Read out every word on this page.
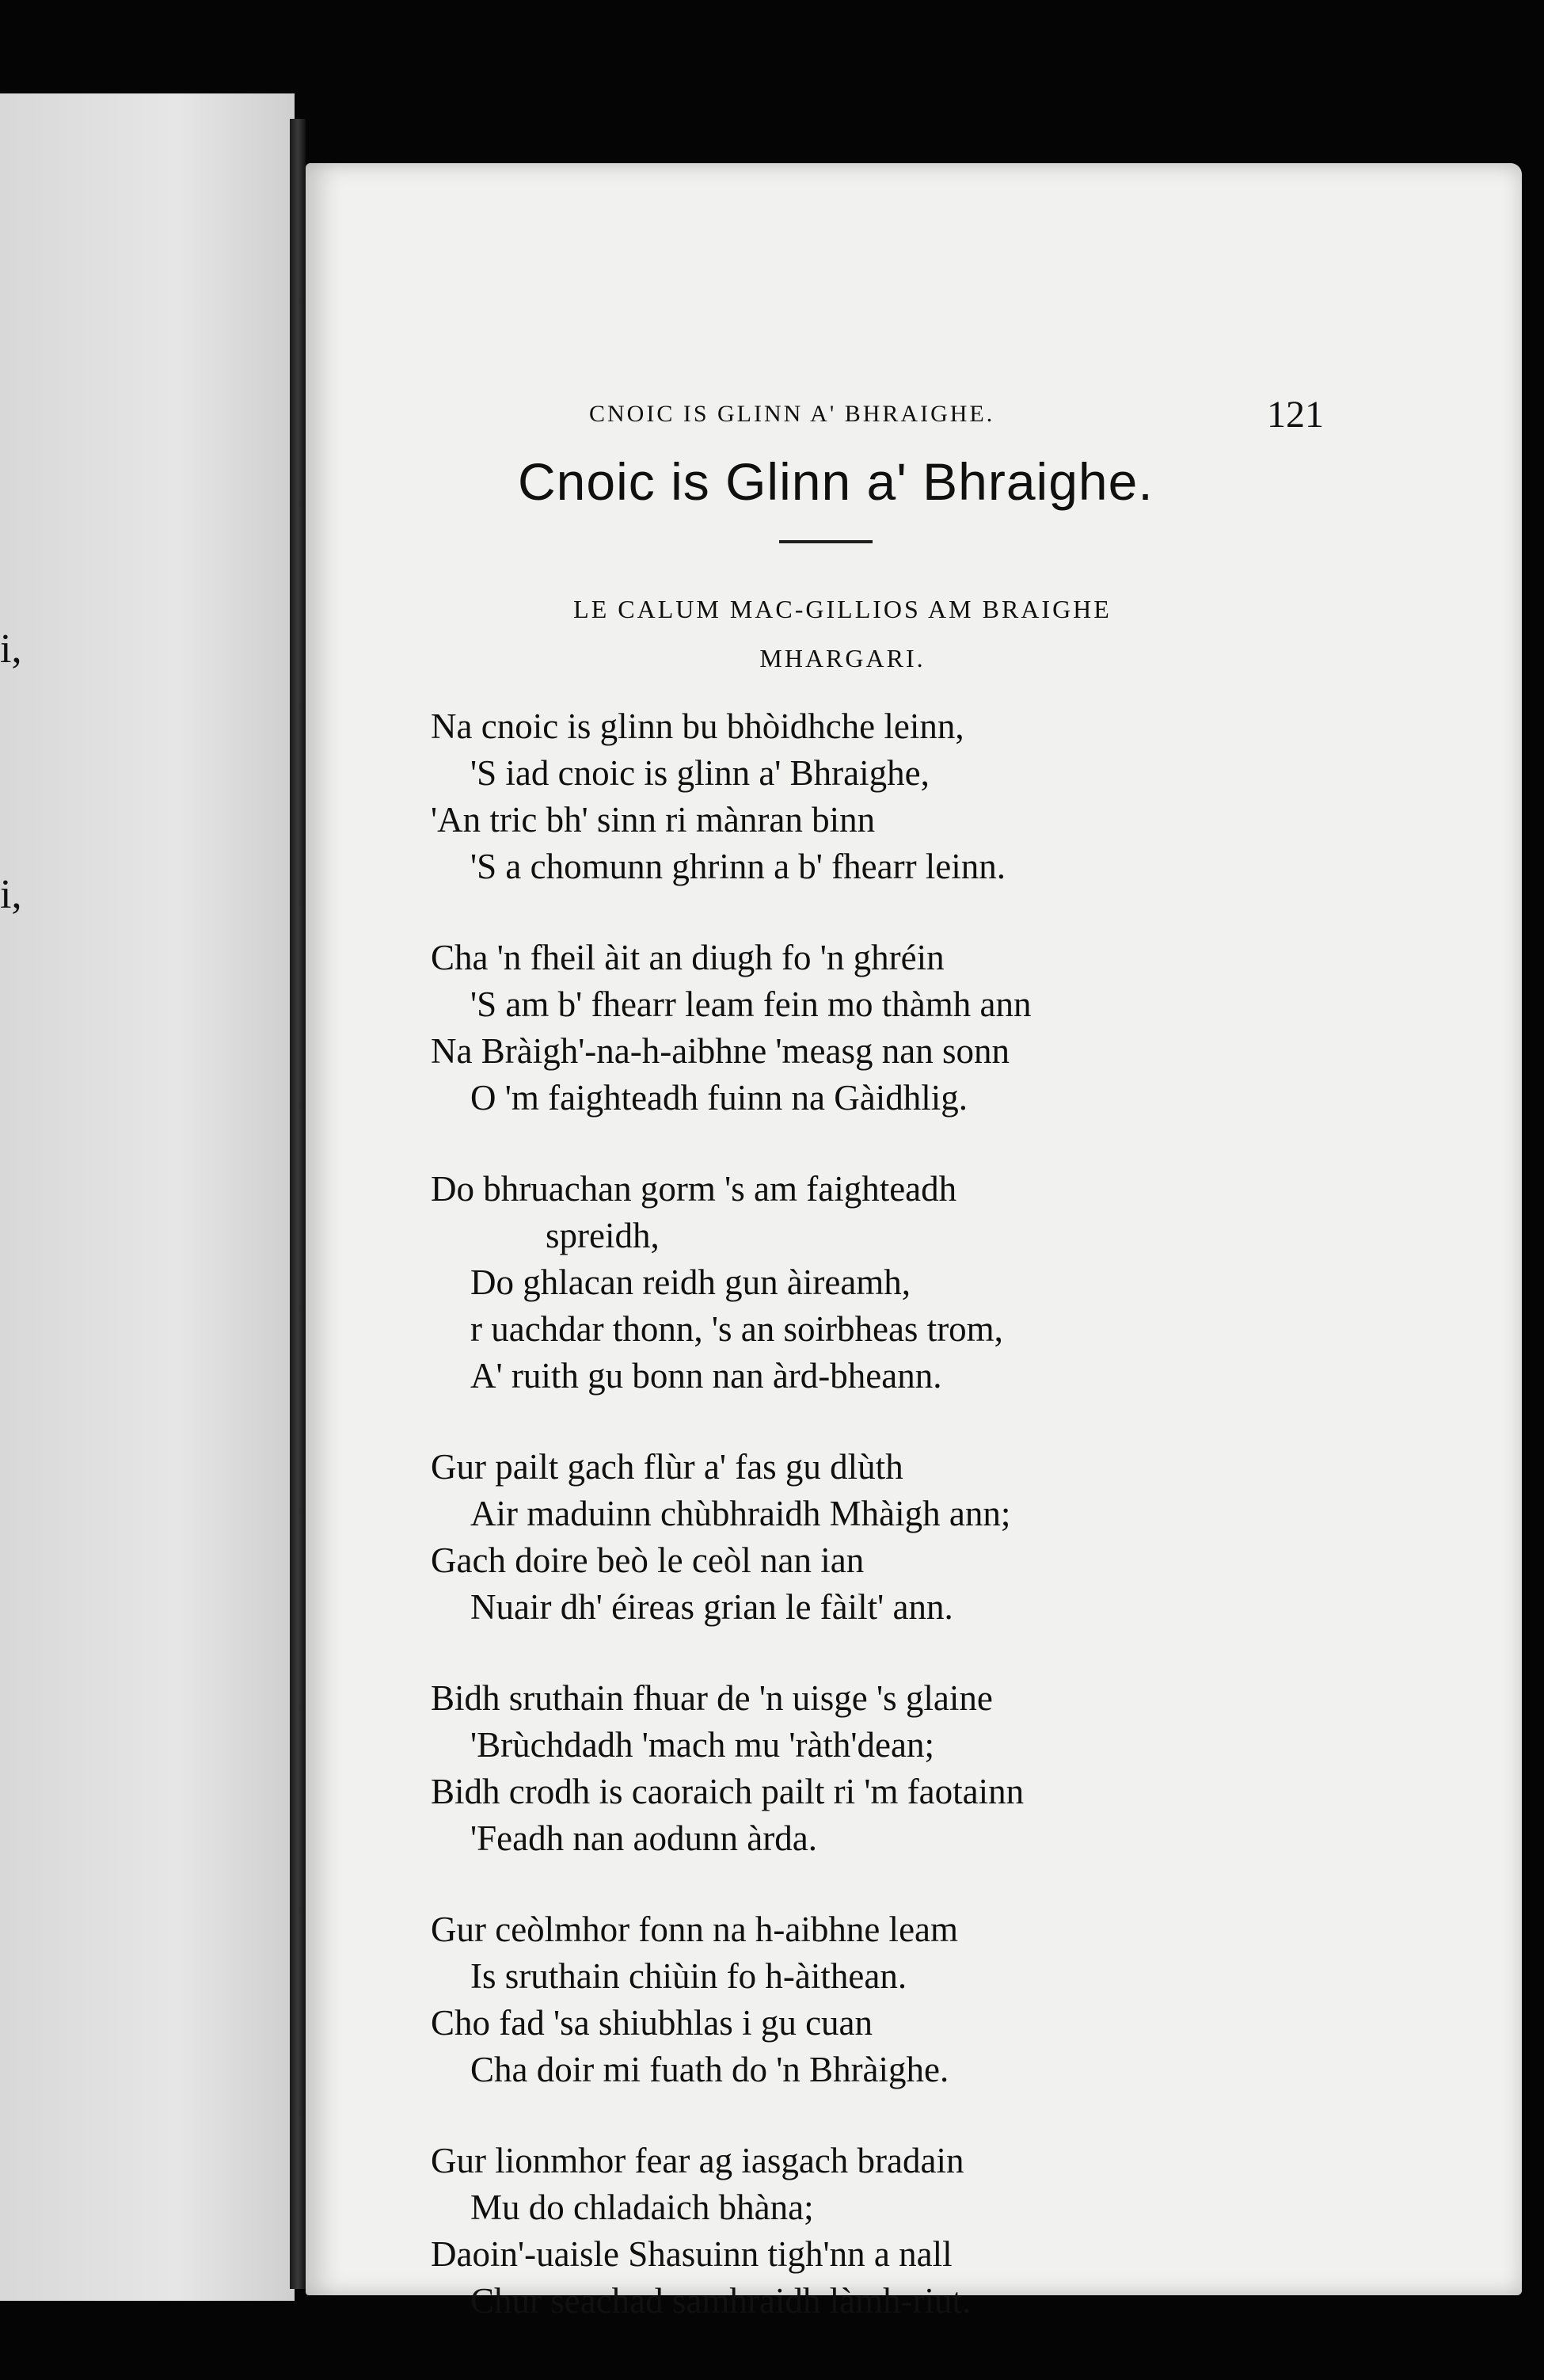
i,
i,
CNOIC IS GLINN A' BHRAIGHE.	121
Cnoic is Glinn a' Bhraighe.
LE CALUM MAC-GILLIOS AM BRAIGHE
MHARGARI.
Na cnoic is glinn bu bhòidhche leinn,
'S iad cnoic is glinn a' Bhraighe,
'An tric bh' sinn ri mànran binn
'S a chomunn ghrinn a b' fhearr leinn.
Cha 'n fheil àit an diugh fo 'n ghréin
'S am b' fhearr leam fein mo thàmh ann
Na Bràigh'-na-h-aibhne 'measg nan sonn
O 'm faighteadh fuinn na Gàidhlig.
Do bhruachan gorm 's am faighteadh
spreidh,
Do ghlacan reidh gun àireamh,
r uachdar thonn, 's an soirbheas trom,
A' ruith gu bonn nan àrd-bheann.
Gur pailt gach flùr a' fas gu dlùth
Air maduinn chùbhraidh Mhàigh ann;
Gach doire beò le ceòl nan ian
Nuair dh' éireas grian le fàilt' ann.
Bidh sruthain fhuar de 'n uisge 's glaine
'Brùchdadh 'mach mu 'ràth'dean;
Bidh crodh is caoraich pailt ri 'm faotainn
'Feadh nan aodunn àrda.
Gur ceòlmhor fonn na h-aibhne leam
Is sruthain chiùin fo h-àithean.
Cho fad 'sa shiubhlas i gu cuan
Cha doir mi fuath do 'n Bhràighe.
Gur lionmhor fear ag iasgach bradain
Mu do chladaich bhàna;
Daoin'-uaisle Shasuinn tigh'nn a nall
Chur seachad samhraidh làmh-riut.
